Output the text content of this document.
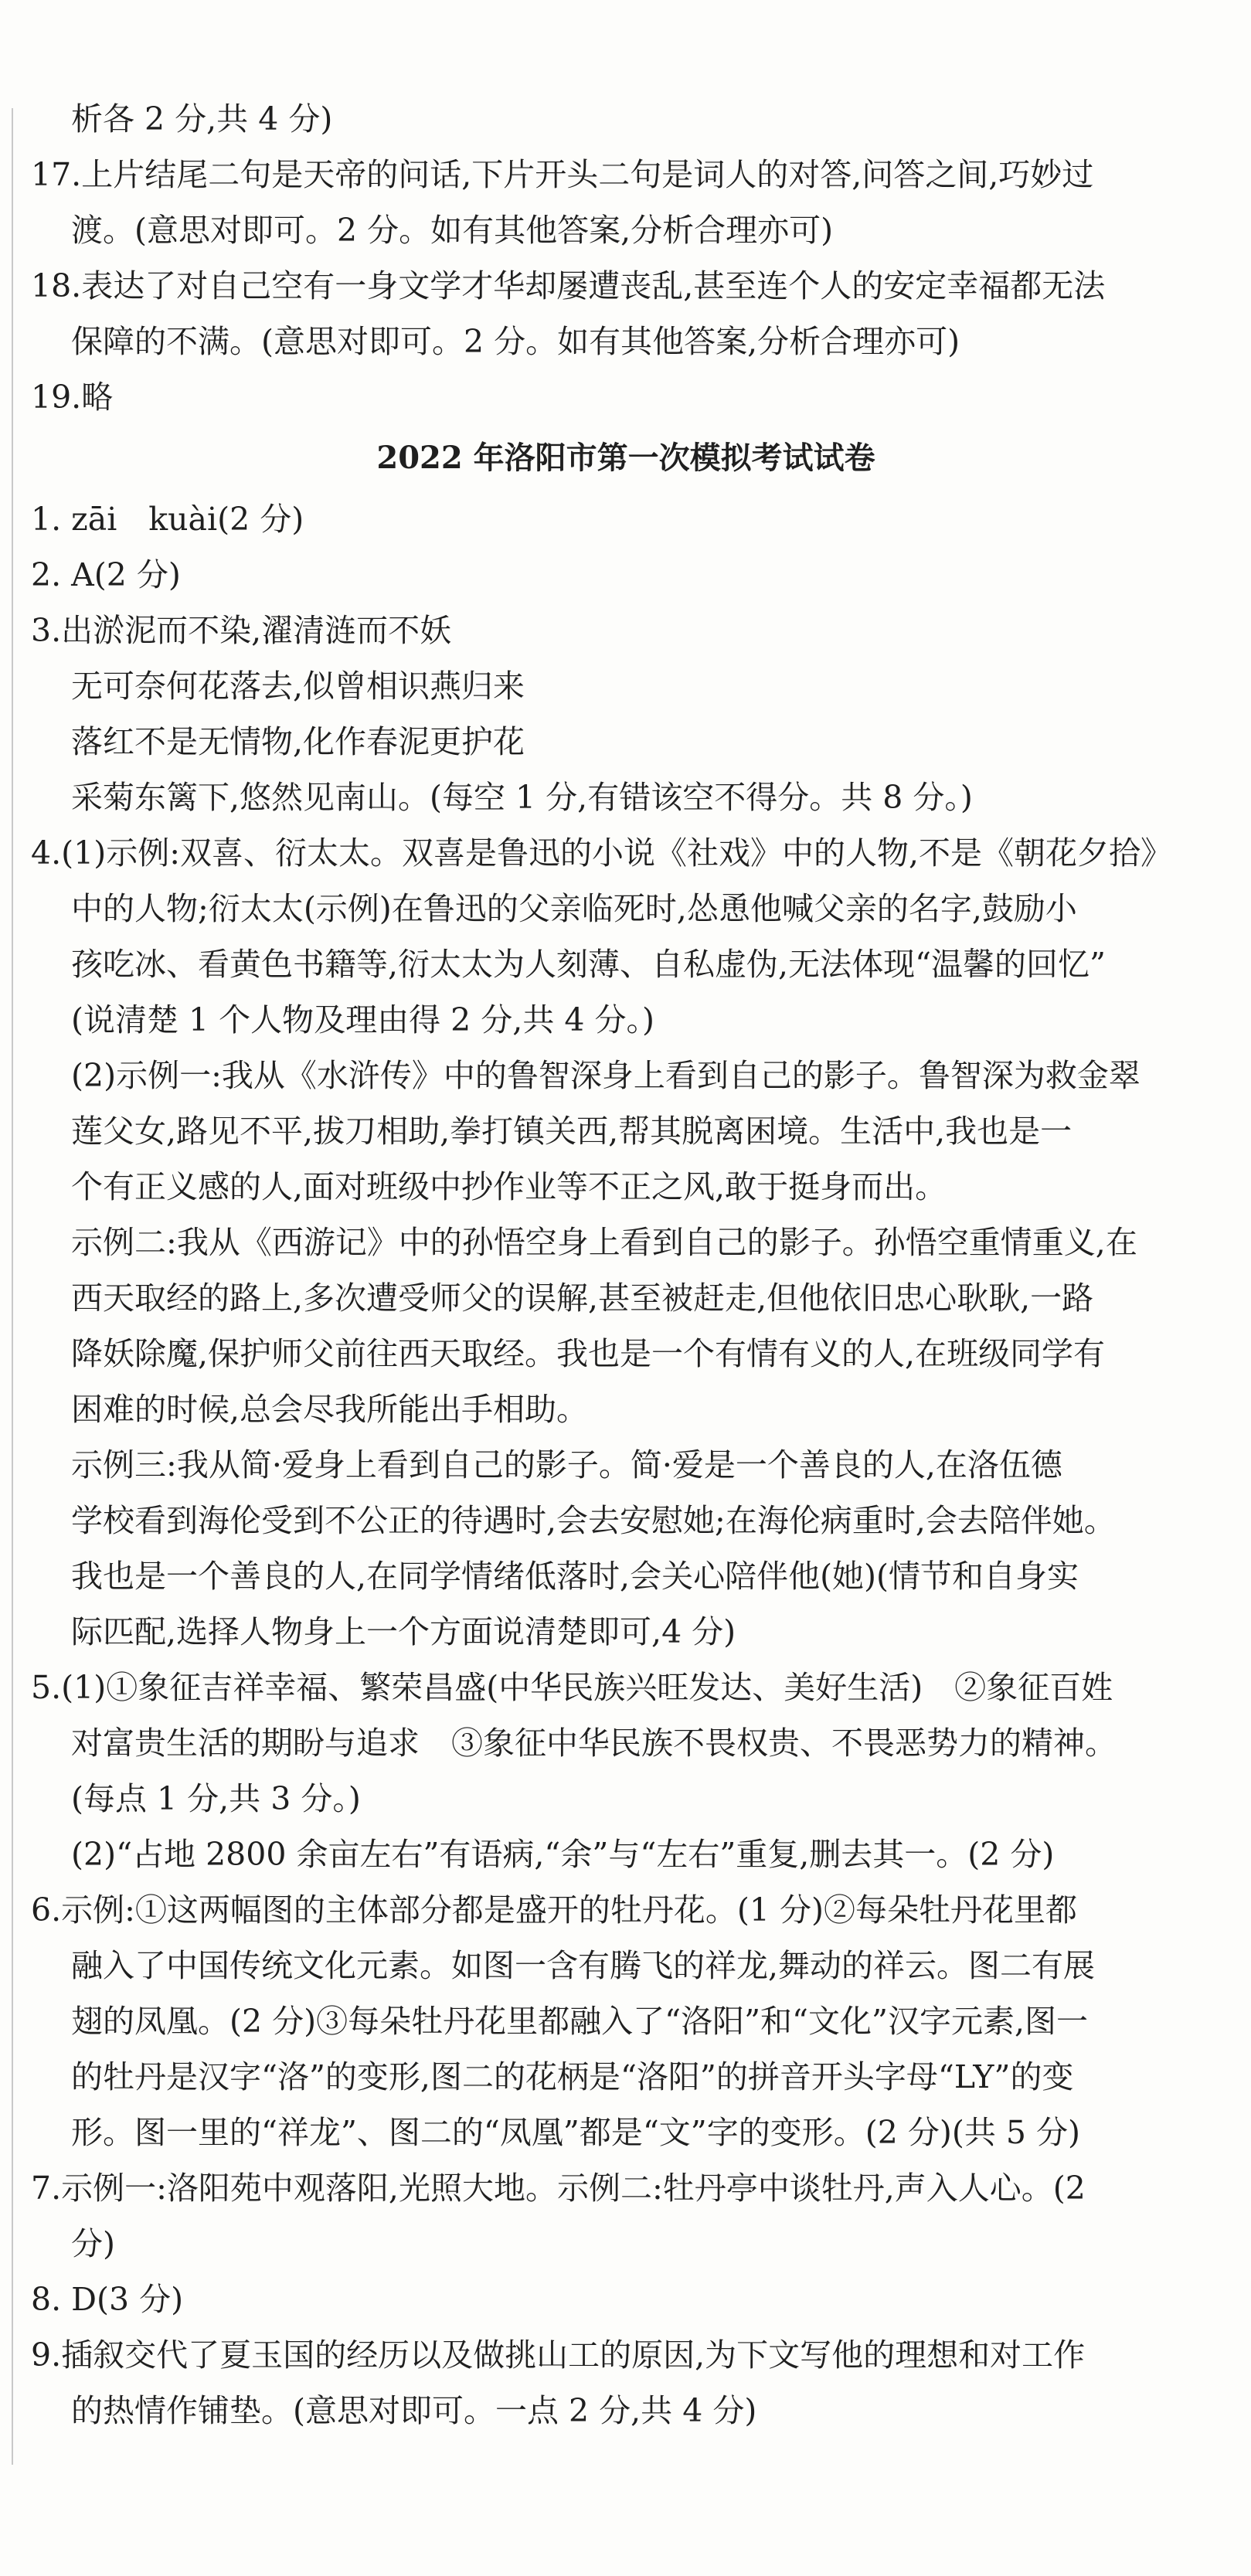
析各 2 分,共 4 分)
17.上片结尾二句是天帝的问话,下片开头二句是词人的对答,问答之间,巧妙过
渡。(意思对即可。2 分。如有其他答案,分析合理亦可)
18.表达了对自己空有一身文学才华却屡遭丧乱,甚至连个人的安定幸福都无法
保障的不满。(意思对即可。2 分。如有其他答案,分析合理亦可)
19.略
2022 年洛阳市第一次模拟考试试卷
1. zāi　kuài(2 分)
2. A(2 分)
3.出淤泥而不染,濯清涟而不妖
无可奈何花落去,似曾相识燕归来
落红不是无情物,化作春泥更护花
采菊东篱下,悠然见南山。(每空 1 分,有错该空不得分。共 8 分。)
4.(1)示例:双喜、衍太太。双喜是鲁迅的小说《社戏》中的人物,不是《朝花夕拾》
中的人物;衍太太(示例)在鲁迅的父亲临死时,怂恿他喊父亲的名字,鼓励小
孩吃冰、看黄色书籍等,衍太太为人刻薄、自私虚伪,无法体现“温馨的回忆”
(说清楚 1 个人物及理由得 2 分,共 4 分。)
(2)示例一:我从《水浒传》中的鲁智深身上看到自己的影子。鲁智深为救金翠
莲父女,路见不平,拔刀相助,拳打镇关西,帮其脱离困境。生活中,我也是一
个有正义感的人,面对班级中抄作业等不正之风,敢于挺身而出。
示例二:我从《西游记》中的孙悟空身上看到自己的影子。孙悟空重情重义,在
西天取经的路上,多次遭受师父的误解,甚至被赶走,但他依旧忠心耿耿,一路
降妖除魔,保护师父前往西天取经。我也是一个有情有义的人,在班级同学有
困难的时候,总会尽我所能出手相助。
示例三:我从简·爱身上看到自己的影子。简·爱是一个善良的人,在洛伍德
学校看到海伦受到不公正的待遇时,会去安慰她;在海伦病重时,会去陪伴她。
我也是一个善良的人,在同学情绪低落时,会关心陪伴他(她)(情节和自身实
际匹配,选择人物身上一个方面说清楚即可,4 分)
5.(1)①象征吉祥幸福、繁荣昌盛(中华民族兴旺发达、美好生活)　②象征百姓
对富贵生活的期盼与追求　③象征中华民族不畏权贵、不畏恶势力的精神。
(每点 1 分,共 3 分。)
(2)“占地 2800 余亩左右”有语病,“余”与“左右”重复,删去其一。(2 分)
6.示例:①这两幅图的主体部分都是盛开的牡丹花。(1 分)②每朵牡丹花里都
融入了中国传统文化元素。如图一含有腾飞的祥龙,舞动的祥云。图二有展
翅的凤凰。(2 分)③每朵牡丹花里都融入了“洛阳”和“文化”汉字元素,图一
的牡丹是汉字“洛”的变形,图二的花柄是“洛阳”的拼音开头字母“LY”的变
形。图一里的“祥龙”、图二的“凤凰”都是“文”字的变形。(2 分)(共 5 分)
7.示例一:洛阳苑中观落阳,光照大地。示例二:牡丹亭中谈牡丹,声入人心。(2
分)
8. D(3 分)
9.插叙交代了夏玉国的经历以及做挑山工的原因,为下文写他的理想和对工作
的热情作铺垫。(意思对即可。一点 2 分,共 4 分)
